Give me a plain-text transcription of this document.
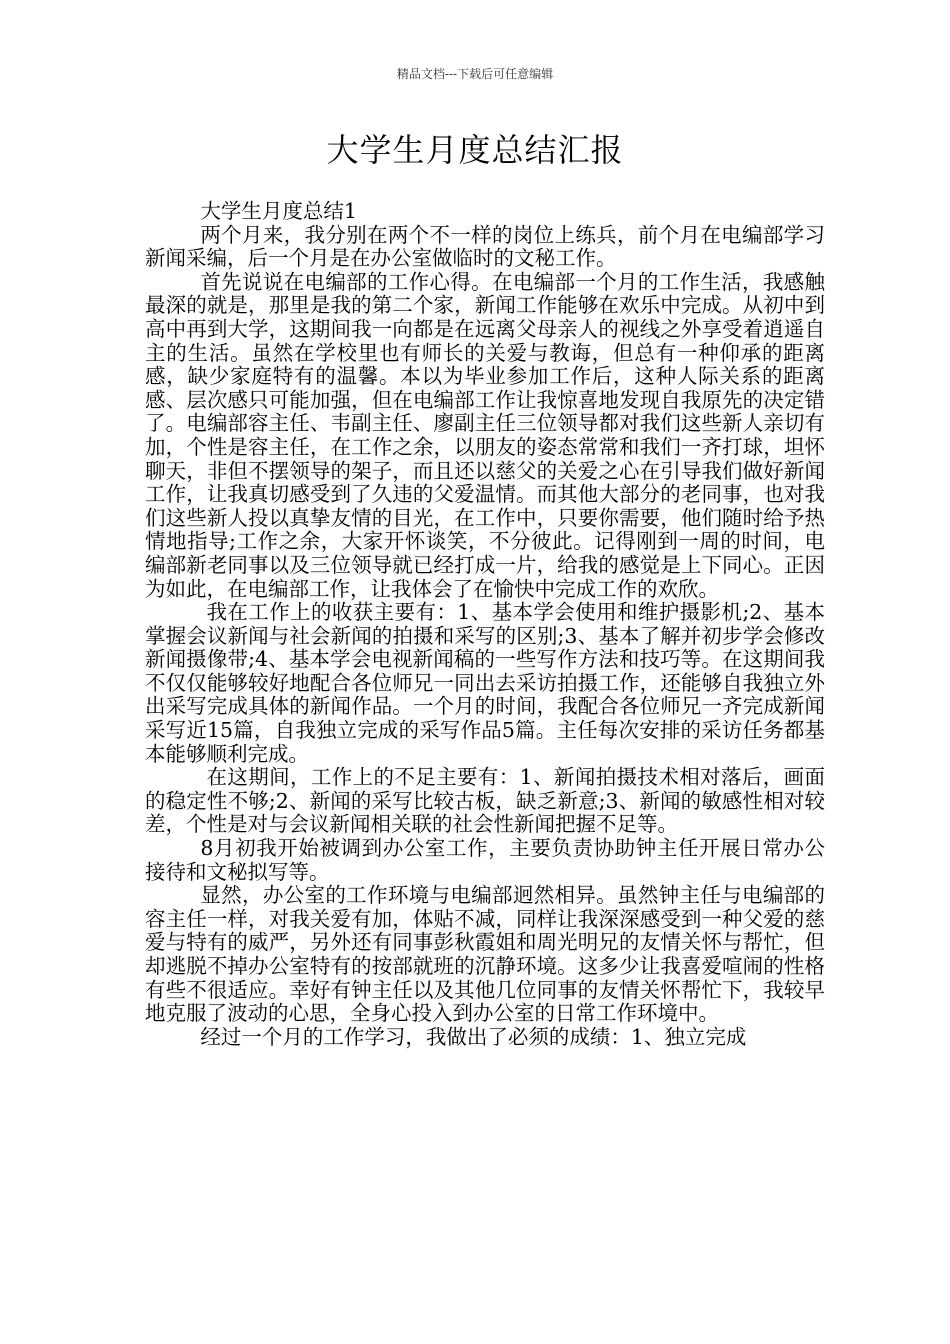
精品文档---下载后可任意编辑
大学生月度总结汇报

大学生月度总结1

两个月来，我分别在两个不一样的岗位上练兵，前个月在电编部学习新闻采编，后一个月是在办公室做临时的文秘工作。

首先说说在电编部的工作心得。在电编部一个月的工作生活，我感触最深的就是，那里是我的第二个家，新闻工作能够在欢乐中完成。从初中到高中再到大学，这期间我一向都是在远离父母亲人的视线之外享受着逍遥自主的生活。虽然在学校里也有师长的关爱与教诲，但总有一种仰承的距离感，缺少家庭特有的温馨。本以为毕业参加工作后，这种人际关系的距离感、层次感只可能加强，但在电编部工作让我惊喜地发现自我原先的决定错了。电编部容主任、韦副主任、廖副主任三位领导都对我们这些新人亲切有加，个性是容主任，在工作之余，以朋友的姿态常常和我们一齐打球，坦怀聊天，非但不摆领导的架子，而且还以慈父的关爱之心在引导我们做好新闻工作，让我真切感受到了久违的父爱温情。而其他大部分的老同事，也对我们这些新人投以真挚友情的目光，在工作中，只要你需要，他们随时给予热情地指导;工作之余，大家开怀谈笑，不分彼此。记得刚到一周的时间，电编部新老同事以及三位领导就已经打成一片，给我的感觉是上下同心。正因为如此，在电编部工作，让我体会了在愉快中完成工作的欢欣。

我在工作上的收获主要有：1、基本学会使用和维护摄影机;2、基本掌握会议新闻与社会新闻的拍摄和采写的区别;3、基本了解并初步学会修改新闻摄像带;4、基本学会电视新闻稿的一些写作方法和技巧等。在这期间我不仅仅能够较好地配合各位师兄一同出去采访拍摄工作，还能够自我独立外出采写完成具体的新闻作品。一个月的时间，我配合各位师兄一齐完成新闻采写近15篇，自我独立完成的采写作品5篇。主任每次安排的采访任务都基本能够顺利完成。

在这期间，工作上的不足主要有：1、新闻拍摄技术相对落后，画面的稳定性不够;2、新闻的采写比较古板，缺乏新意;3、新闻的敏感性相对较差，个性是对与会议新闻相关联的社会性新闻把握不足等。

8月初我开始被调到办公室工作，主要负责协助钟主任开展日常办公接待和文秘拟写等。

显然，办公室的工作环境与电编部迥然相异。虽然钟主任与电编部的容主任一样，对我关爱有加，体贴不减，同样让我深深感受到一种父爱的慈爱与特有的威严，另外还有同事彭秋霞姐和周光明兄的友情关怀与帮忙，但却逃脱不掉办公室特有的按部就班的沉静环境。这多少让我喜爱喧闹的性格有些不很适应。幸好有钟主任以及其他几位同事的友情关怀帮忙下，我较早地克服了波动的心思，全身心投入到办公室的日常工作环境中。

经过一个月的工作学习，我做出了必须的成绩：1、独立完成
